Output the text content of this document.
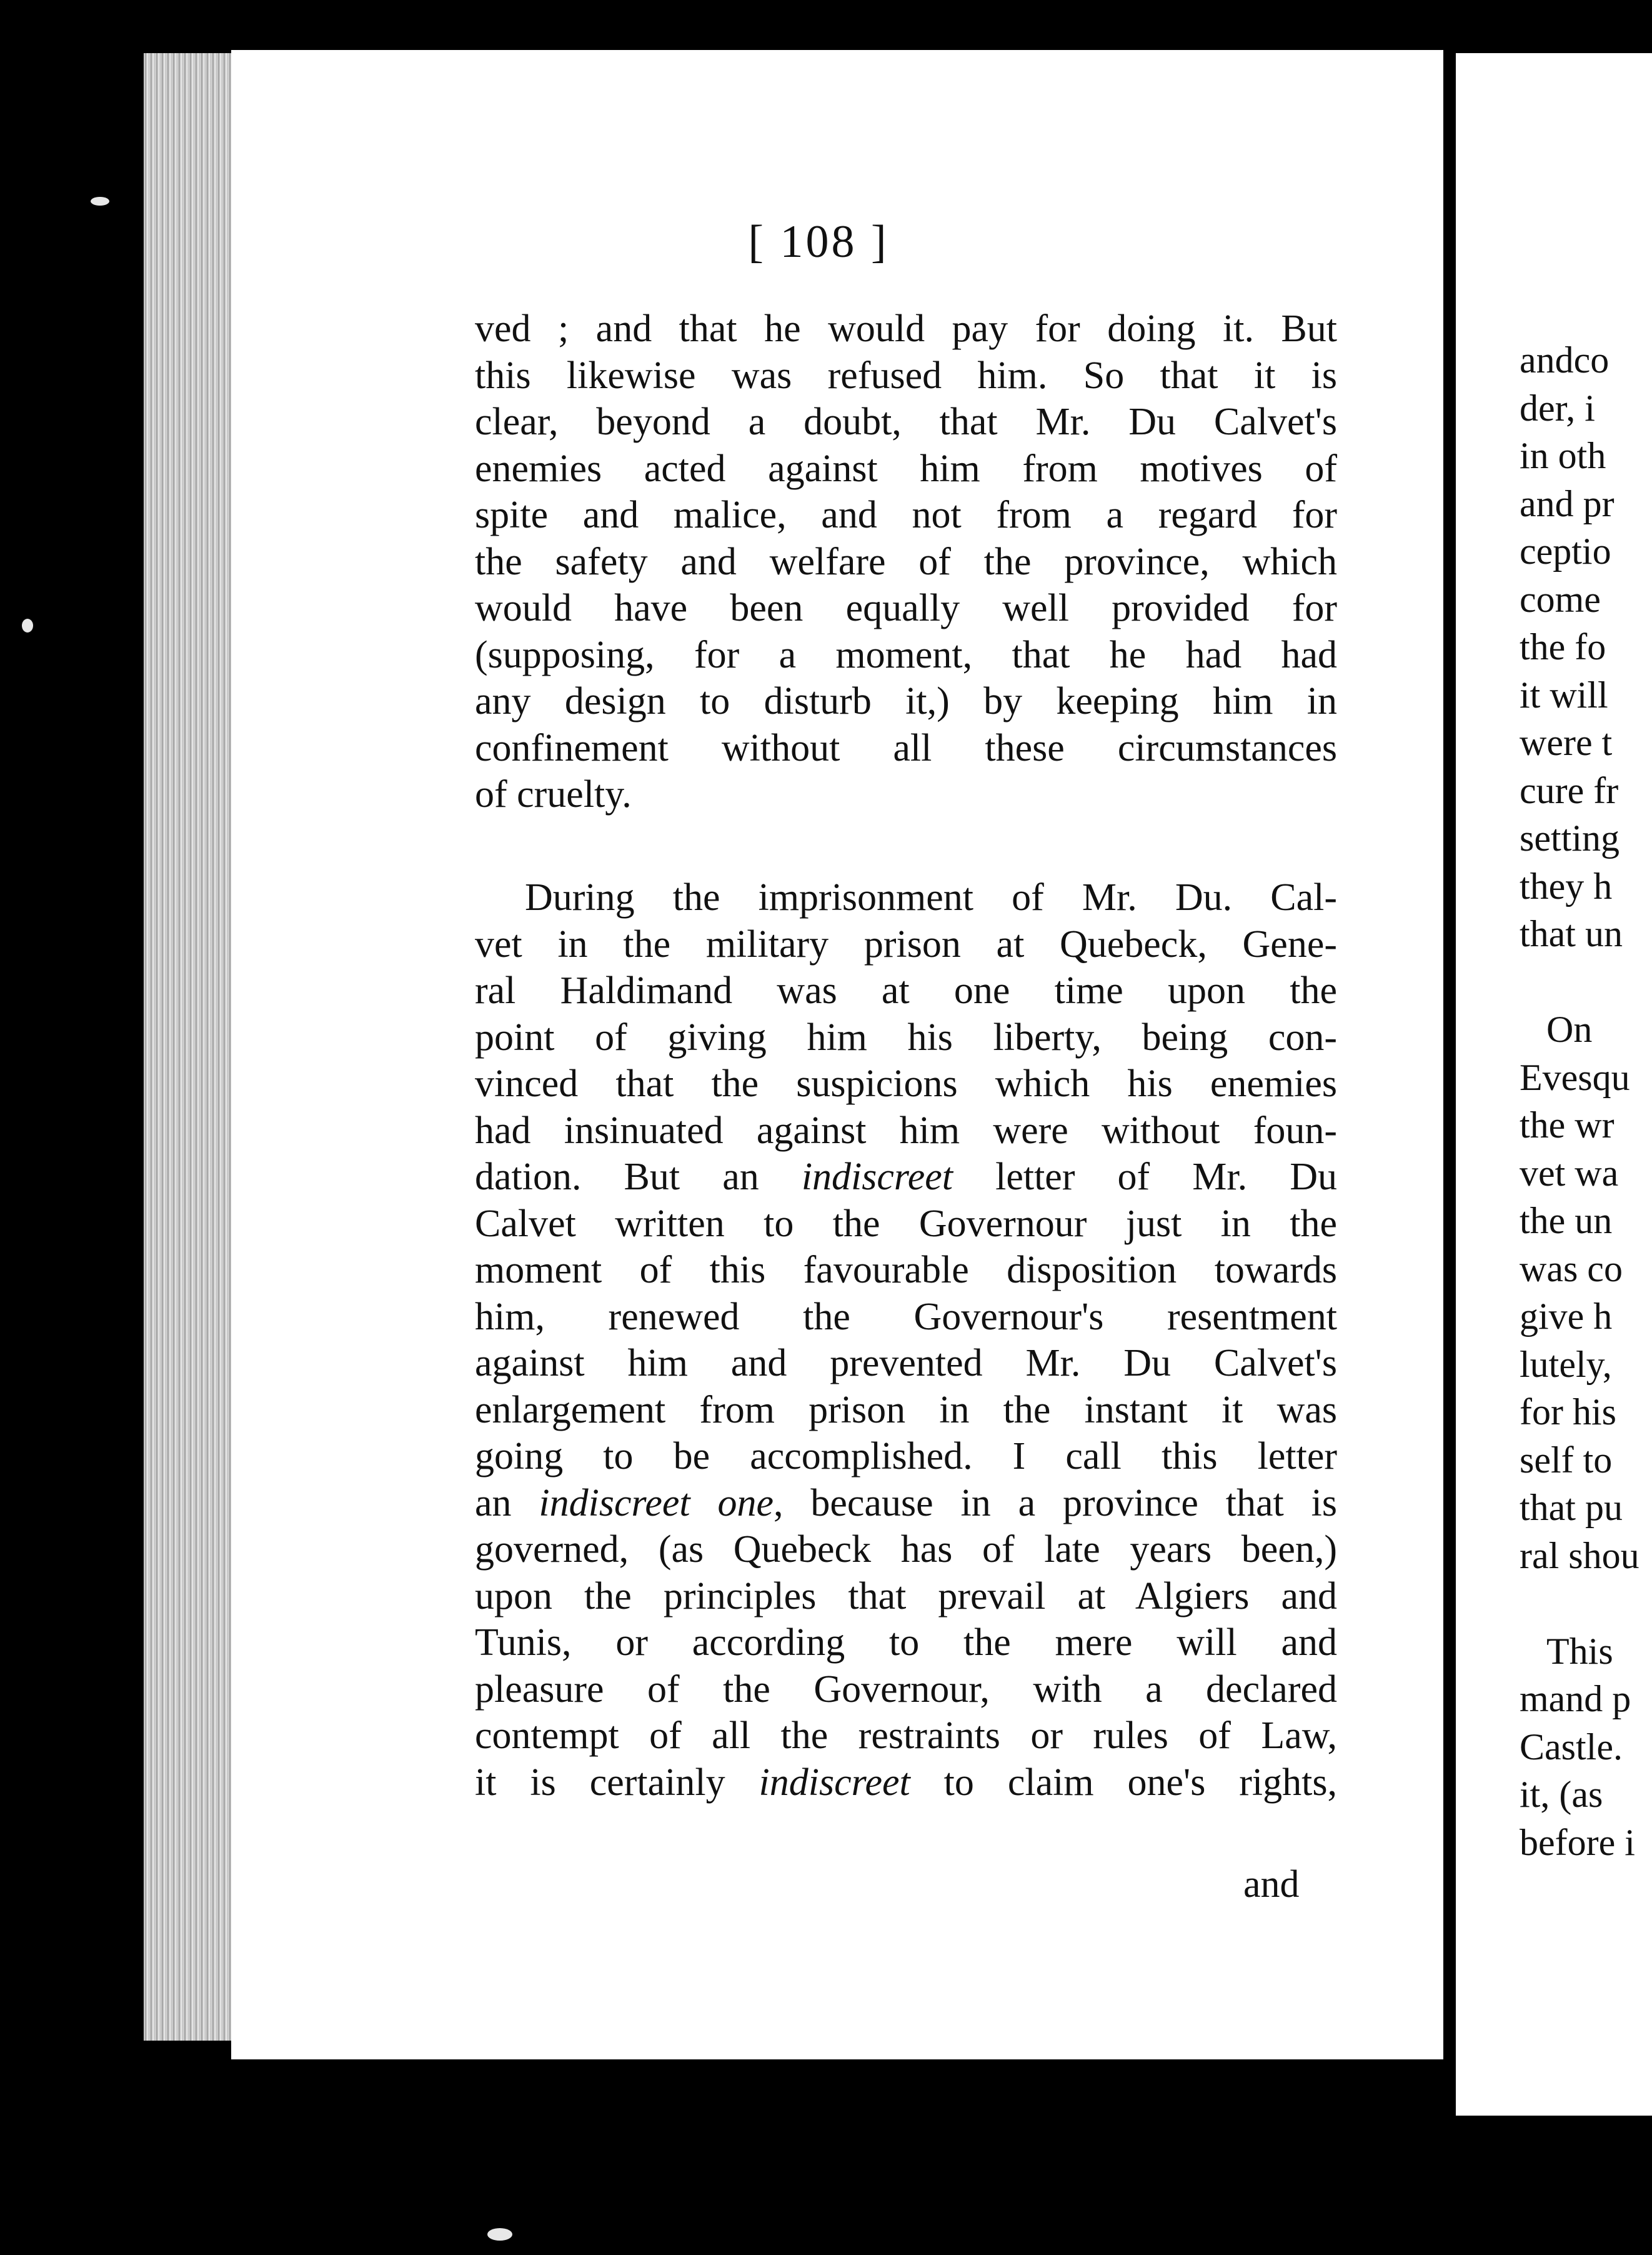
[ 108 ]

ved ; and that he would pay for doing it. But

this likewise was refused him. So that it is

clear, beyond a doubt, that Mr. Du Calvet's

enemies acted against him from motives of

spite and malice, and not from a regard for

the safety and welfare of the province, which

would have been equally well provided for

(supposing, for a moment, that he had had

any design to disturb it,) by keeping him in

confinement without all these circumstances

of cruelty.

During the imprisonment of Mr. Du. Cal-

vet in the military prison at Quebeck, Gene-

ral Haldimand was at one time upon the

point of giving him his liberty, being con-

vinced that the suspicions which his enemies

had insinuated against him were without foun-

dation. But an indiscreet letter of Mr. Du

Calvet written to the Governour just in the

moment of this favourable disposition towards

him, renewed the Governour's resentment

against him and prevented Mr. Du Calvet's

enlargement from prison in the instant it was

going to be accomplished. I call this letter

an indiscreet one, because in a province that is

governed, (as Quebeck has of late years been,)

upon the principles that prevail at Algiers and

Tunis, or according to the mere will and

pleasure of the Governour, with a declared

contempt of all the restraints or rules of Law,

it is certainly indiscreet to claim one's rights,

and

andco

der, i

in oth

and pr

ceptio

come

the fo

it will

were t

cure fr

setting

they h

that un

On

Evesqu

the wr

vet wa

the un

was co

give h

lutely,

for his

self to

that pu

ral shou

This

mand p

Castle.

it, (as

before i
